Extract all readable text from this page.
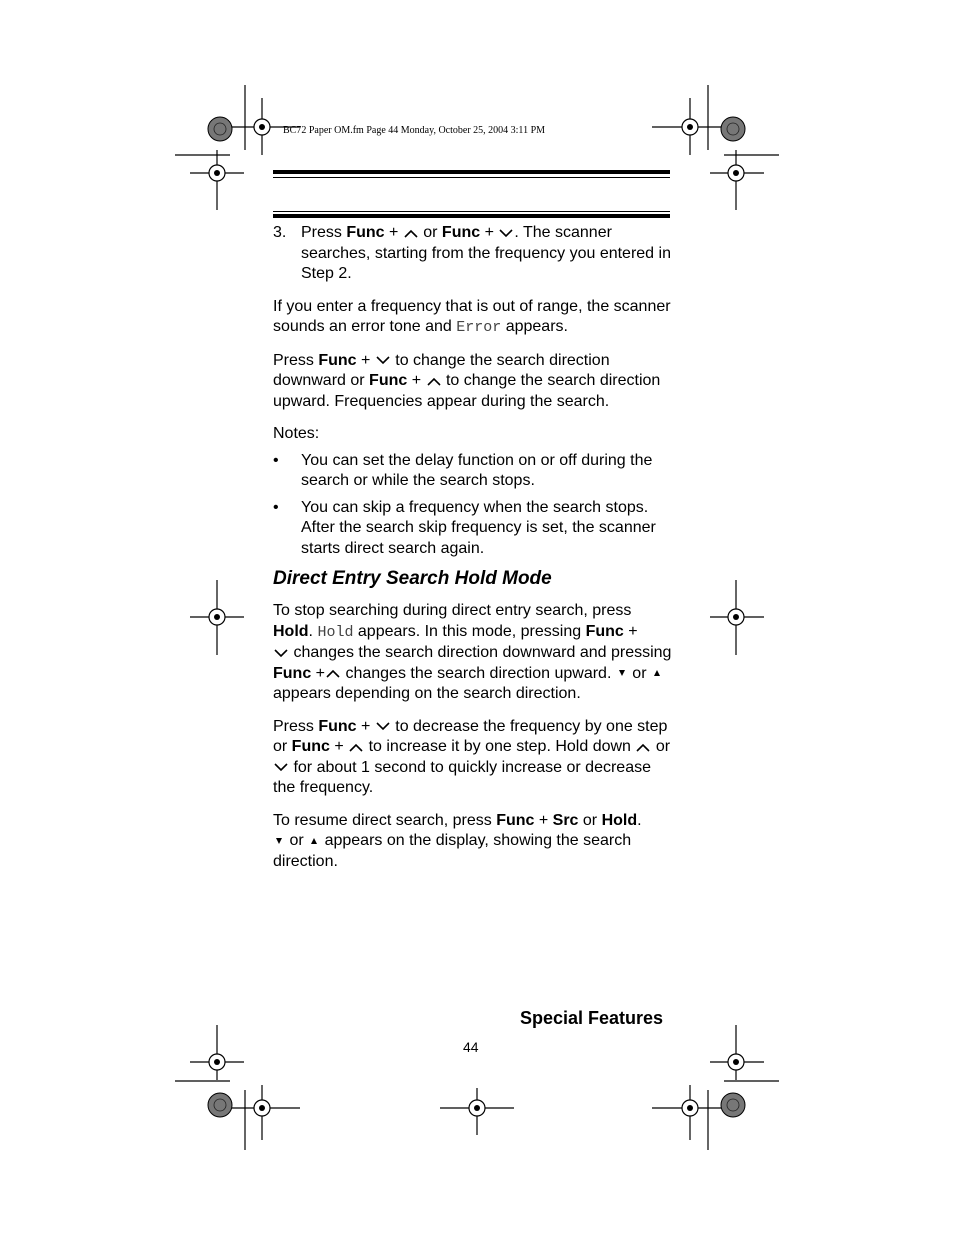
BC72 Paper OM.fm Page 44 Monday, October 25, 2004 3:11 PM
3. Press Func +  or Func + . The scanner searches, starting from the frequency you entered in Step 2.

If you enter a frequency that is out of range, the scanner sounds an error tone and Error appears.

Press Func +  to change the search direction downward or Func +  to change the search direction upward. Frequencies appear during the search.

Notes:

•	You can set the delay function on or off during the search or while the search stops.
•	You can skip a frequency when the search stops. After the search skip frequency is set, the scanner starts direct search again.
Direct Entry Search Hold Mode

To stop searching during direct entry search, press Hold. Hold appears. In this mode, pressing Func +
changes the search direction downward and pressing Func + changes the search direction upward.  or  appears depending on the search direction.

Press Func +  to decrease the frequency by one step or Func +  to increase it by one step. Hold down  or  for about 1 second to quickly increase or decrease the frequency.

To resume direct search, press Func + Src or Hold.
or  appears on the display, showing the search direction.

Special Features
44
